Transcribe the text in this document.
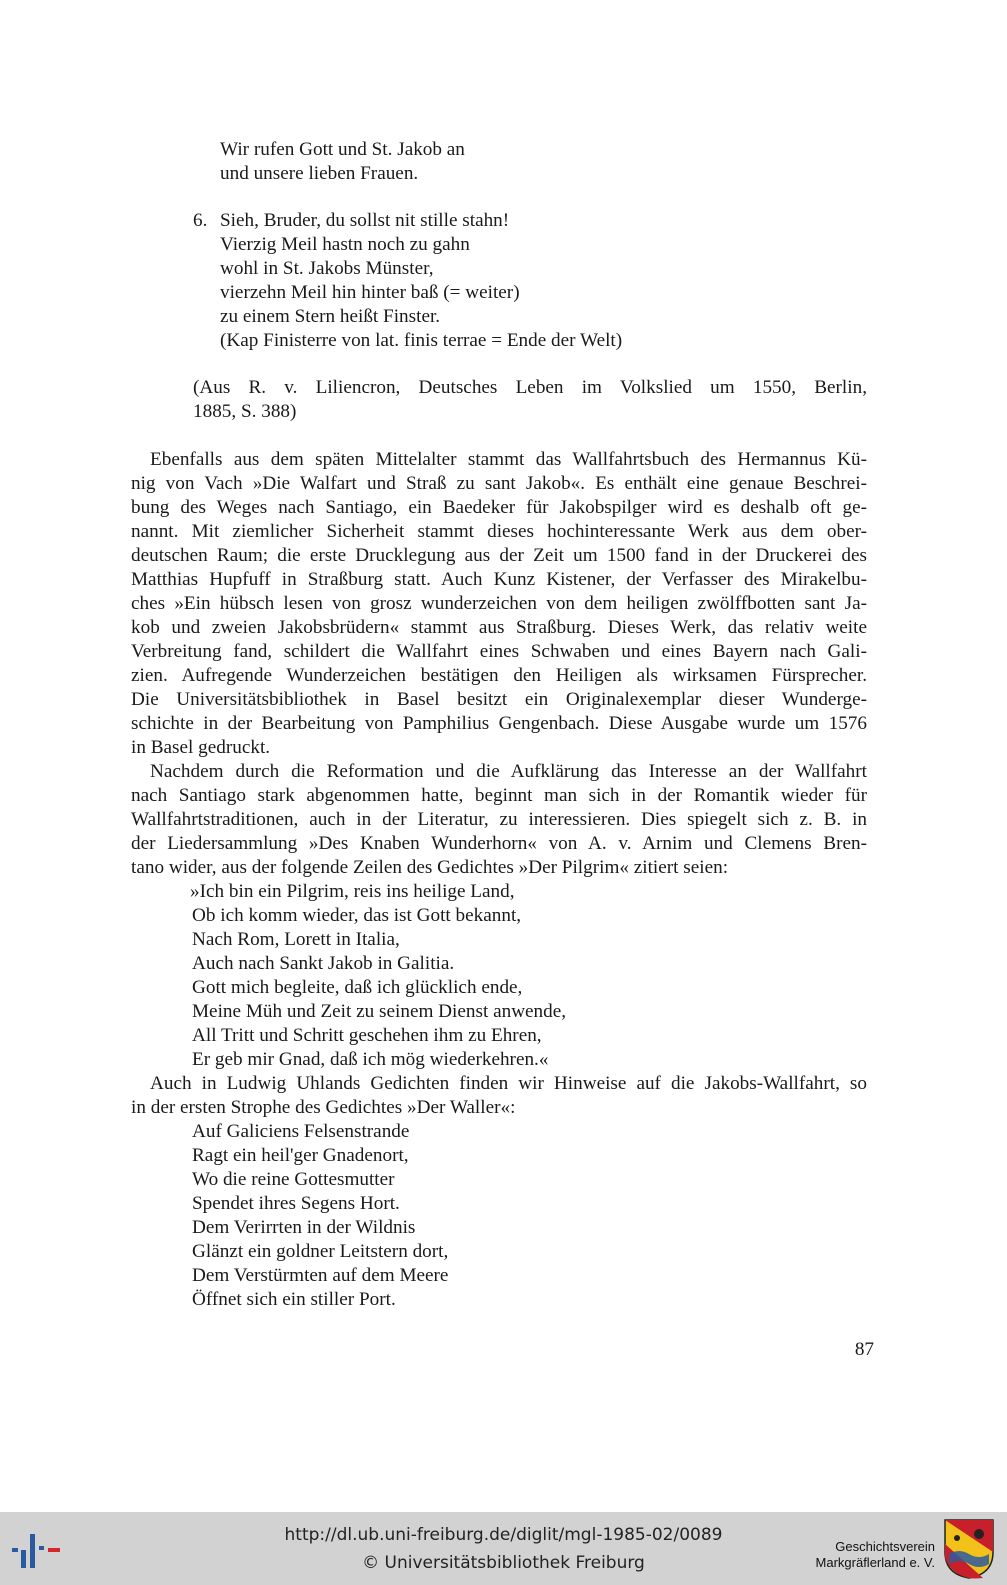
Wir rufen Gott und St. Jakob an
und unsere lieben Frauen.
6. Sieh, Bruder, du sollst nit stille stahn!
Vierzig Meil hastn noch zu gahn
wohl in St. Jakobs Münster,
vierzehn Meil hin hinter baß (= weiter)
zu einem Stern heißt Finster.
(Kap Finisterre von lat. finis terrae = Ende der Welt)
(Aus R. v. Liliencron, Deutsches Leben im Volkslied um 1550, Berlin,
1885, S. 388)
Ebenfalls aus dem späten Mittelalter stammt das Wallfahrtsbuch des Hermannus Kü-
nig von Vach »Die Walfart und Straß zu sant Jakob«. Es enthält eine genaue Beschrei-
bung des Weges nach Santiago, ein Baedeker für Jakobspilger wird es deshalb oft ge-
nannt. Mit ziemlicher Sicherheit stammt dieses hochinteressante Werk aus dem ober-
deutschen Raum; die erste Drucklegung aus der Zeit um 1500 fand in der Druckerei des
Matthias Hupfuff in Straßburg statt. Auch Kunz Kistener, der Verfasser des Mirakelbu-
ches »Ein hübsch lesen von grosz wunderzeichen von dem heiligen zwölffbotten sant Ja-
kob und zweien Jakobsbrüdern« stammt aus Straßburg. Dieses Werk, das relativ weite
Verbreitung fand, schildert die Wallfahrt eines Schwaben und eines Bayern nach Gali-
zien. Aufregende Wunderzeichen bestätigen den Heiligen als wirksamen Fürsprecher.
Die Universitätsbibliothek in Basel besitzt ein Originalexemplar dieser Wunderge-
schichte in der Bearbeitung von Pamphilius Gengenbach. Diese Ausgabe wurde um 1576
in Basel gedruckt.
Nachdem durch die Reformation und die Aufklärung das Interesse an der Wallfahrt
nach Santiago stark abgenommen hatte, beginnt man sich in der Romantik wieder für
Wallfahrtstraditionen, auch in der Literatur, zu interessieren. Dies spiegelt sich z. B. in
der Liedersammlung »Des Knaben Wunderhorn« von A. v. Arnim und Clemens Bren-
tano wider, aus der folgende Zeilen des Gedichtes »Der Pilgrim« zitiert seien:
»Ich bin ein Pilgrim, reis ins heilige Land,
Ob ich komm wieder, das ist Gott bekannt,
Nach Rom, Lorett in Italia,
Auch nach Sankt Jakob in Galitia.
Gott mich begleite, daß ich glücklich ende,
Meine Müh und Zeit zu seinem Dienst anwende,
All Tritt und Schritt geschehen ihm zu Ehren,
Er geb mir Gnad, daß ich mög wiederkehren.«
Auch in Ludwig Uhlands Gedichten finden wir Hinweise auf die Jakobs-Wallfahrt, so
in der ersten Strophe des Gedichtes »Der Waller«:
Auf Galiciens Felsenstrande
Ragt ein heil'ger Gnadenort,
Wo die reine Gottesmutter
Spendet ihres Segens Hort.
Dem Verirrten in der Wildnis
Glänzt ein goldner Leitstern dort,
Dem Verstürmten auf dem Meere
Öffnet sich ein stiller Port.
87
http://dl.ub.uni-freiburg.de/diglit/mgl-1985-02/0089
© Universitätsbibliothek Freiburg
Geschichtsverein
Markgräflerland e. V.
